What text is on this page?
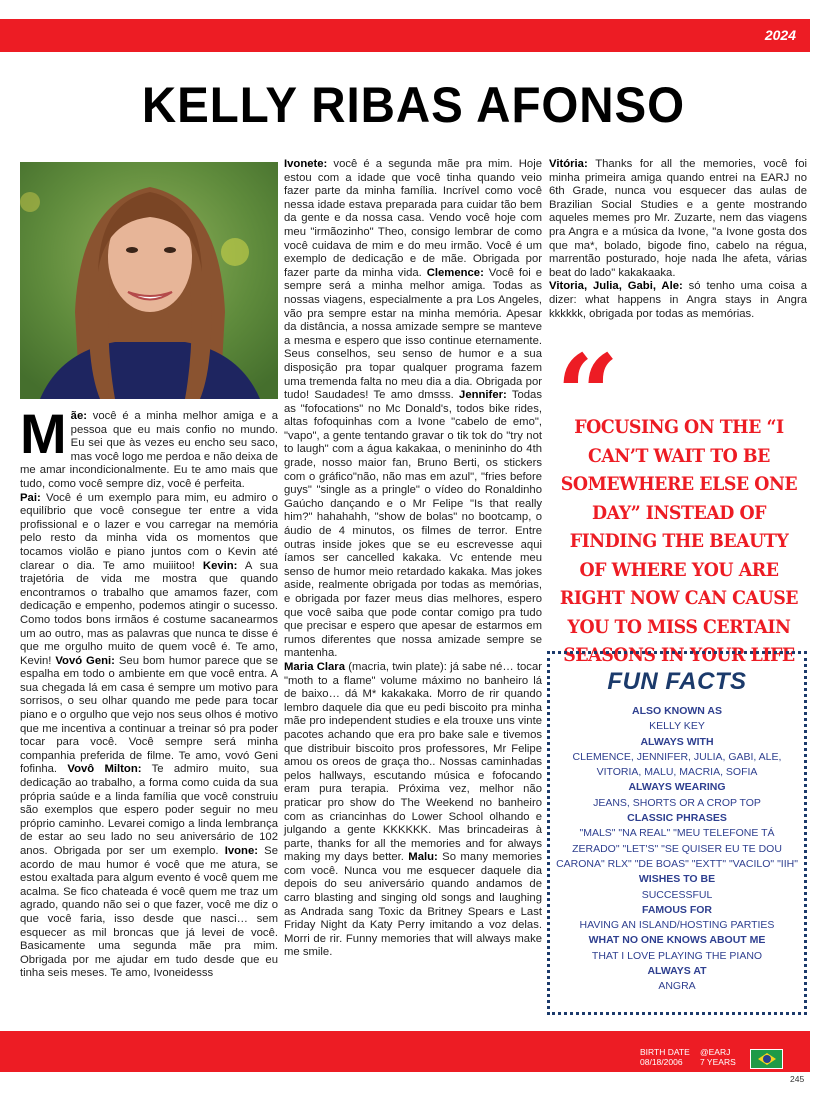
2024
KELLY RIBAS AFONSO
Mãe: você é a minha melhor amiga e a pessoa que eu mais confio no mundo. Eu sei que às vezes eu encho seu saco, mas você logo me perdoa e não deixa de me amar incondicionalmente. Eu te amo mais que tudo, como você sempre diz, você é perfeita.
Pai: Você é um exemplo para mim, eu admiro o equilíbrio que você consegue ter entre a vida profissional e o lazer e vou carregar na memória pelo resto da minha vida os momentos que tocamos violão e piano juntos com o Kevin até clarear o dia. Te amo muiiitoo! Kevin: A sua trajetória de vida me mostra que quando encontramos o trabalho que amamos fazer, com dedicação e empenho, podemos atingir o sucesso. Como todos bons irmãos é costume sacanearmos um ao outro, mas as palavras que nunca te disse é que me orgulho muito de quem você é. Te amo, Kevin! Vovó Geni: Seu bom humor parece que se espalha em todo o ambiente em que você entra. A sua chegada lá em casa é sempre um motivo para sorrisos, o seu olhar quando me pede para tocar piano e o orgulho que vejo nos seus olhos é motivo que me incentiva a continuar a treinar só pra poder tocar para você. Você sempre será minha companhia preferida de filme. Te amo, vovó Geni fofinha. Vovô Milton: Te admiro muito, sua dedicação ao trabalho, a forma como cuida da sua própria saúde e a linda família que você construiu são exemplos que espero poder seguir no meu próprio caminho. Levarei comigo a linda lembrança de estar ao seu lado no seu aniversário de 102 anos. Obrigada por ser um exemplo. Ivone: Se acordo de mau humor é você que me atura, se estou exaltada para algum evento é você quem me acalma. Se fico chateada é você quem me traz um agrado, quando não sei o que fazer, você me diz o que você faria, isso desde que nasci… sem esquecer as mil broncas que já levei de você. Basicamente uma segunda mãe pra mim. Obrigada por me ajudar em tudo desde que eu tinha seis meses. Te amo, Ivoneidesss
Ivonete: você é a segunda mãe pra mim. Hoje estou com a idade que você tinha quando veio fazer parte da minha família. Incrível como você nessa idade estava preparada para cuidar tão bem da gente e da nossa casa. Vendo você hoje com meu "irmãozinho" Theo, consigo lembrar de como você cuidava de mim e do meu irmão. Você é um exemplo de dedicação e de mãe. Obrigada por fazer parte da minha vida. Clemence: Você foi e sempre será a minha melhor amiga. Todas as nossas viagens, especialmente a pra Los Angeles, vão pra sempre estar na minha memória. Apesar da distância, a nossa amizade sempre se manteve a mesma e espero que isso continue eternamente. Seus conselhos, seu senso de humor e a sua disposição pra topar qualquer programa fazem uma tremenda falta no meu dia a dia. Obrigada por tudo! Saudades! Te amo dmsss. Jennifer: Todas as "fofocations" no Mc Donald's, todos bike rides, altas fofoquinhas com a Ivone "cabelo de emo", "vapo", a gente tentando gravar o tik tok do "try not to laugh" com a água kakakaa, o menininho do 4th grade, nosso maior fan, Bruno Berti, os stickers com o gráfico"não, não mas em azul", "fries before guys" "single as a pringle" o vídeo do Ronaldinho Gaúcho dançando e o Mr Felipe "Is that really him?" hahahahh, "show de bolas" no bootcamp, o áudio de 4 minutos, os filmes de terror. Entre outras inside jokes que se eu escrevesse aqui íamos ser cancelled kakaka. Vc entende meu senso de humor meio retardado kakaka. Mas jokes aside, realmente obrigada por todas as memórias, e obrigada por fazer meus dias melhores, espero que você saiba que pode contar comigo pra tudo que precisar e espero que apesar de estarmos em rumos diferentes que nossa amizade sempre se mantenha.
Maria Clara (macria, twin plate): já sabe né… tocar "moth to a flame" volume máximo no banheiro lá de baixo… dá M* kakakaka. Morro de rir quando lembro daquele dia que eu pedi biscoito pra minha mãe pro independent studies e ela trouxe uns vinte pacotes achando que era pro bake sale e tivemos que distribuir biscoito pros professores, Mr Felipe amou os oreos de graça tho.. Nossas caminhadas pelos hallways, escutando música e fofocando eram pura terapia. Próxima vez, melhor não praticar pro show do The Weekend no banheiro com as criancinhas do Lower School olhando e julgando a gente KKKKKK. Mas brincadeiras à parte, thanks for all the memories and for always making my days better. Malu: So many memories com você. Nunca vou me esquecer daquele dia depois do seu aniversário quando andamos de carro blasting and singing old songs and laughing as Andrada sang Toxic da Britney Spears e Last Friday Night da Katy Perry imitando a voz delas. Morri de rir. Funny memories that will always make me smile.
Vitória: Thanks for all the memories, você foi minha primeira amiga quando entrei na EARJ no 6th Grade, nunca vou esquecer das aulas de Brazilian Social Studies e a gente mostrando aqueles memes pro Mr. Zuzarte, nem das viagens pra Angra e a música da Ivone, "a Ivone gosta dos que ma*, bolado, bigode fino, cabelo na régua, marrentão posturado, hoje nada lhe afeta, várias beat do lado" kakakaaka.
Vitoria, Julia, Gabi, Ale: só tenho uma coisa a dizer: what happens in Angra stays in Angra kkkkkk, obrigada por todas as memórias.
“
FOCUSING ON THE “I CAN’T WAIT TO BE SOMEWHERE ELSE ONE DAY” INSTEAD OF FINDING THE BEAUTY OF WHERE YOU ARE RIGHT NOW CAN CAUSE YOU TO MISS CERTAIN SEASONS IN YOUR LIFE
FUN FACTS
ALSO KNOWN AS
KELLY KEY
ALWAYS WITH
CLEMENCE, JENNIFER, JULIA, GABI, ALE, VITORIA, MALU, MACRIA, SOFIA
ALWAYS WEARING
JEANS, SHORTS OR A CROP TOP
CLASSIC PHRASES
"MALS" "NA REAL" "MEU TELEFONE TÁ ZERADO" "LET'S" "SE QUISER EU TE DOU CARONA" RLX" "DE BOAS" "EXTT" "VACILO" "IIH"
WISHES TO BE
SUCCESSFUL
FAMOUS FOR
HAVING AN ISLAND/HOSTING PARTIES
WHAT NO ONE KNOWS ABOUT ME
THAT I LOVE PLAYING THE PIANO
ALWAYS AT
ANGRA
BIRTH DATE
08/18/2006
@EARJ
7 YEARS
245
